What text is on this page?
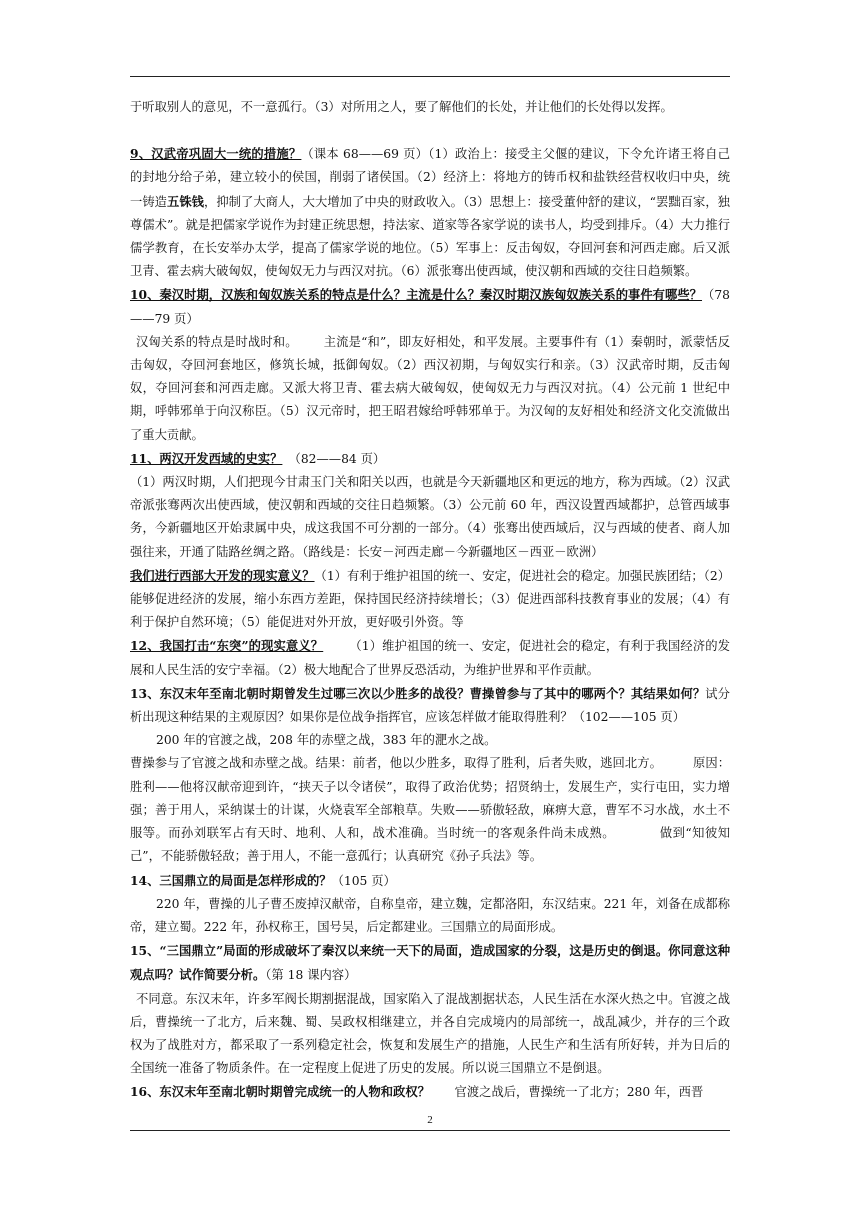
于听取别人的意见，不一意孤行。（3）对所用之人，要了解他们的长处，并让他们的长处得以发挥。

9、汉武帝巩固大一统的措施？（课本 68——69 页）（1）政治上：接受主父偃的建议，下令允许诸王将自己的封地分给子弟，建立较小的侯国，削弱了诸侯国。（2）经济上：将地方的铸币权和盐铁经营权收归中央，统一铸造五铢钱，抑制了大商人，大大增加了中央的财政收入。（3）思想上：接受董仲舒的建议，“罢黜百家，独尊儒术”。就是把儒家学说作为封建正统思想，持法家、道家等各家学说的读书人，均受到排斥。（4）大力推行儒学教育，在长安举办太学，提高了儒家学说的地位。（5）军事上：反击匈奴，夺回河套和河西走廊。后又派卫青、霍去病大破匈奴，使匈奴无力与西汉对抗。（6）派张骞出使西域，使汉朝和西域的交往日趋频繁。

10、秦汉时期，汉族和匈奴族关系的特点是什么？主流是什么？秦汉时期汉族匈奴族关系的事件有哪些？（78——79 页）

汉匈关系的特点是时战时和。 主流是“和”，即友好相处，和平发展。主要事件有（1）秦朝时，派蒙恬反击匈奴，夺回河套地区，修筑长城，抵御匈奴。（2）西汉初期，与匈奴实行和亲。（3）汉武帝时期，反击匈奴，夺回河套和河西走廊。又派大将卫青、霍去病大破匈奴，使匈奴无力与西汉对抗。（4）公元前 1 世纪中期，呼韩邪单于向汉称臣。（5）汉元帝时，把王昭君嫁给呼韩邪单于。为汉匈的友好相处和经济文化交流做出了重大贡献。

11、两汉开发西域的史实？　（82——84 页）

（1）两汉时期，人们把现今甘肃玉门关和阳关以西，也就是今天新疆地区和更远的地方，称为西域。（2）汉武帝派张骞两次出使西域，使汉朝和西域的交往日趋频繁。（3）公元前 60 年，西汉设置西域都护，总管西域事务，今新疆地区开始隶属中央，成这我国不可分割的一部分。（4）张骞出使西域后，汉与西域的使者、商人加强往来，开通了陆路丝绸之路。（路线是：长安－河西走廊－今新疆地区－西亚－欧洲）

我们进行西部大开发的现实意义？（1）有利于维护祖国的统一、安定，促进社会的稳定。加强民族团结；（2）能够促进经济的发展，缩小东西方差距，保持国民经济持续增长；（3）促进西部科技教育事业的发展；（4）有利于保护自然环境；（5）能促进对外开放，更好吸引外资。等

12、我国打击“东突”的现实意义？ （1）维护祖国的统一、安定，促进社会的稳定，有利于我国经济的发展和人民生活的安宁幸福。（2）极大地配合了世界反恐活动，为维护世界和平作贡献。

13、东汉末年至南北朝时期曾发生过哪三次以少胜多的战役？曹操曾参与了其中的哪两个？其结果如何？试分析出现这种结果的主观原因？如果你是位战争指挥官，应该怎样做才能取得胜利？（102——105 页）

200 年的官渡之战，208 年的赤壁之战，383 年的淝水之战。

曹操参与了官渡之战和赤壁之战。结果：前者，他以少胜多，取得了胜利，后者失败，逃回北方。　　　原因：胜利——他将汉献帝迎到许，“挟天子以令诸侯”，取得了政治优势；招贤纳士，发展生产，实行屯田，实力增强；善于用人，采纳谋士的计谋，火烧袁军全部粮草。失败——骄傲轻敌，麻痹大意，曹军不习水战，水土不服等。而孙刘联军占有天时、地利、人和，战术准确。当时统一的客观条件尚未成熟。　　　　做到“知彼知己”，不能骄傲轻敌；善于用人，不能一意孤行；认真研究《孙子兵法》等。

14、三国鼎立的局面是怎样形成的？（105 页）

220 年，曹操的儿子曹丕废掉汉献帝，自称皇帝，建立魏，定都洛阳，东汉结束。221 年，刘备在成都称帝，建立蜀。222 年，孙权称王，国号吴，后定都建业。三国鼎立的局面形成。

15、“三国鼎立”局面的形成破坏了秦汉以来统一天下的局面，造成国家的分裂，这是历史的倒退。你同意这种观点吗？试作简要分析。（第 18 课内容）

不同意。东汉末年，许多军阀长期割据混战，国家陷入了混战割据状态，人民生活在水深火热之中。官渡之战后，曹操统一了北方，后来魏、蜀、吴政权相继建立，并各自完成境内的局部统一，战乱减少，并存的三个政权为了战胜对方，都采取了一系列稳定社会，恢复和发展生产的措施，人民生产和生活有所好转，并为日后的全国统一准备了物质条件。在一定程度上促进了历史的发展。所以说三国鼎立不是倒退。

16、东汉末年至南北朝时期曾完成统一的人物和政权？　　官渡之战后，曹操统一了北方；280 年，西晋

2
